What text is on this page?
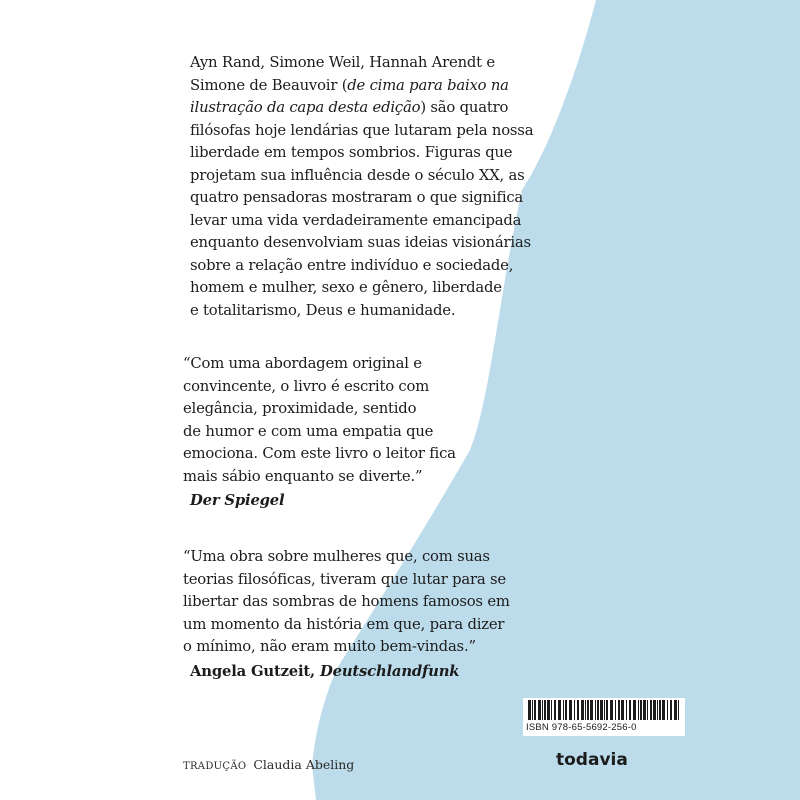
Ayn Rand, Simone Weil, Hannah Arendt e
Simone de Beauvoir (de cima para baixo na
ilustração da capa desta edição) são quatro
filósofas hoje lendárias que lutaram pela nossa
liberdade em tempos sombrios. Figuras que
projetam sua influência desde o século XX, as
quatro pensadoras mostraram o que significa
levar uma vida verdadeiramente emancipada
enquanto desenvolviam suas ideias visionárias
sobre a relação entre indivíduo e sociedade,
homem e mulher, sexo e gênero, liberdade
e totalitarismo, Deus e humanidade.

“Com uma abordagem original e
convincente, o livro é escrito com
elegância, proximidade, sentido
de humor e com uma empatia que
emociona. Com este livro o leitor fica
mais sábio enquanto se diverte.”
Der Spiegel

“Uma obra sobre mulheres que, com suas
teorias filosóficas, tiveram que lutar para se
libertar das sombras de homens famosos em
um momento da história em que, para dizer
o mínimo, não eram muito bem-vindas.”
Angela Gutzeit, Deutschlandfunk

ISBN 978-65-5692-256-0
TRADUÇÃO Claudia Abeling	todavia
